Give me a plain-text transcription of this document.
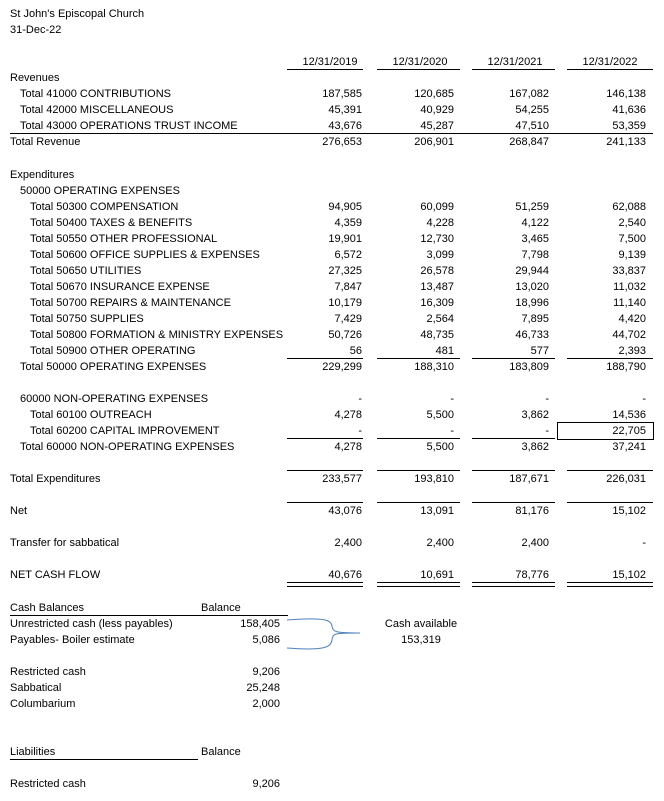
St John's Episcopal Church
31-Dec-22
12/31/2019	12/31/2020	12/31/2021	12/31/2022
Revenues
Total 41000 CONTRIBUTIONS	187,585	120,685	167,082	146,138
Total 42000 MISCELLANEOUS	45,391	40,929	54,255	41,636
Total 43000 OPERATIONS TRUST INCOME	43,676	45,287	47,510	53,359
Total Revenue	276,653	206,901	268,847	241,133
Expenditures
50000 OPERATING EXPENSES
Total 50300 COMPENSATION	94,905	60,099	51,259	62,088
Total 50400 TAXES & BENEFITS	4,359	4,228	4,122	2,540
Total 50550 OTHER PROFESSIONAL	19,901	12,730	3,465	7,500
Total 50600 OFFICE SUPPLIES & EXPENSES	6,572	3,099	7,798	9,139
Total 50650 UTILITIES	27,325	26,578	29,944	33,837
Total 50670 INSURANCE EXPENSE	7,847	13,487	13,020	11,032
Total 50700 REPAIRS & MAINTENANCE	10,179	16,309	18,996	11,140
Total 50750 SUPPLIES	7,429	2,564	7,895	4,420
Total 50800 FORMATION & MINISTRY EXPENSES	50,726	48,735	46,733	44,702
Total 50900 OTHER OPERATING	56	481	577	2,393
Total 50000 OPERATING EXPENSES	229,299	188,310	183,809	188,790
60000 NON-OPERATING EXPENSES	-	-	-	-
Total 60100 OUTREACH	4,278	5,500	3,862	14,536
Total 60200 CAPITAL IMPROVEMENT	-	-	-	22,705
Total 60000 NON-OPERATING EXPENSES	4,278	5,500	3,862	37,241
Total Expenditures	233,577	193,810	187,671	226,031
Net	43,076	13,091	81,176	15,102
Transfer for sabbatical	2,400	2,400	2,400	-
NET CASH FLOW	40,676	10,691	78,776	15,102
Cash Balances	Balance
Unrestricted cash (less payables)	158,405
Payables- Boiler estimate	5,086
Cash available
153,319
Restricted cash	9,206
Sabbatical	25,248
Columbarium	2,000
Liabilities	Balance
Restricted cash	9,206
